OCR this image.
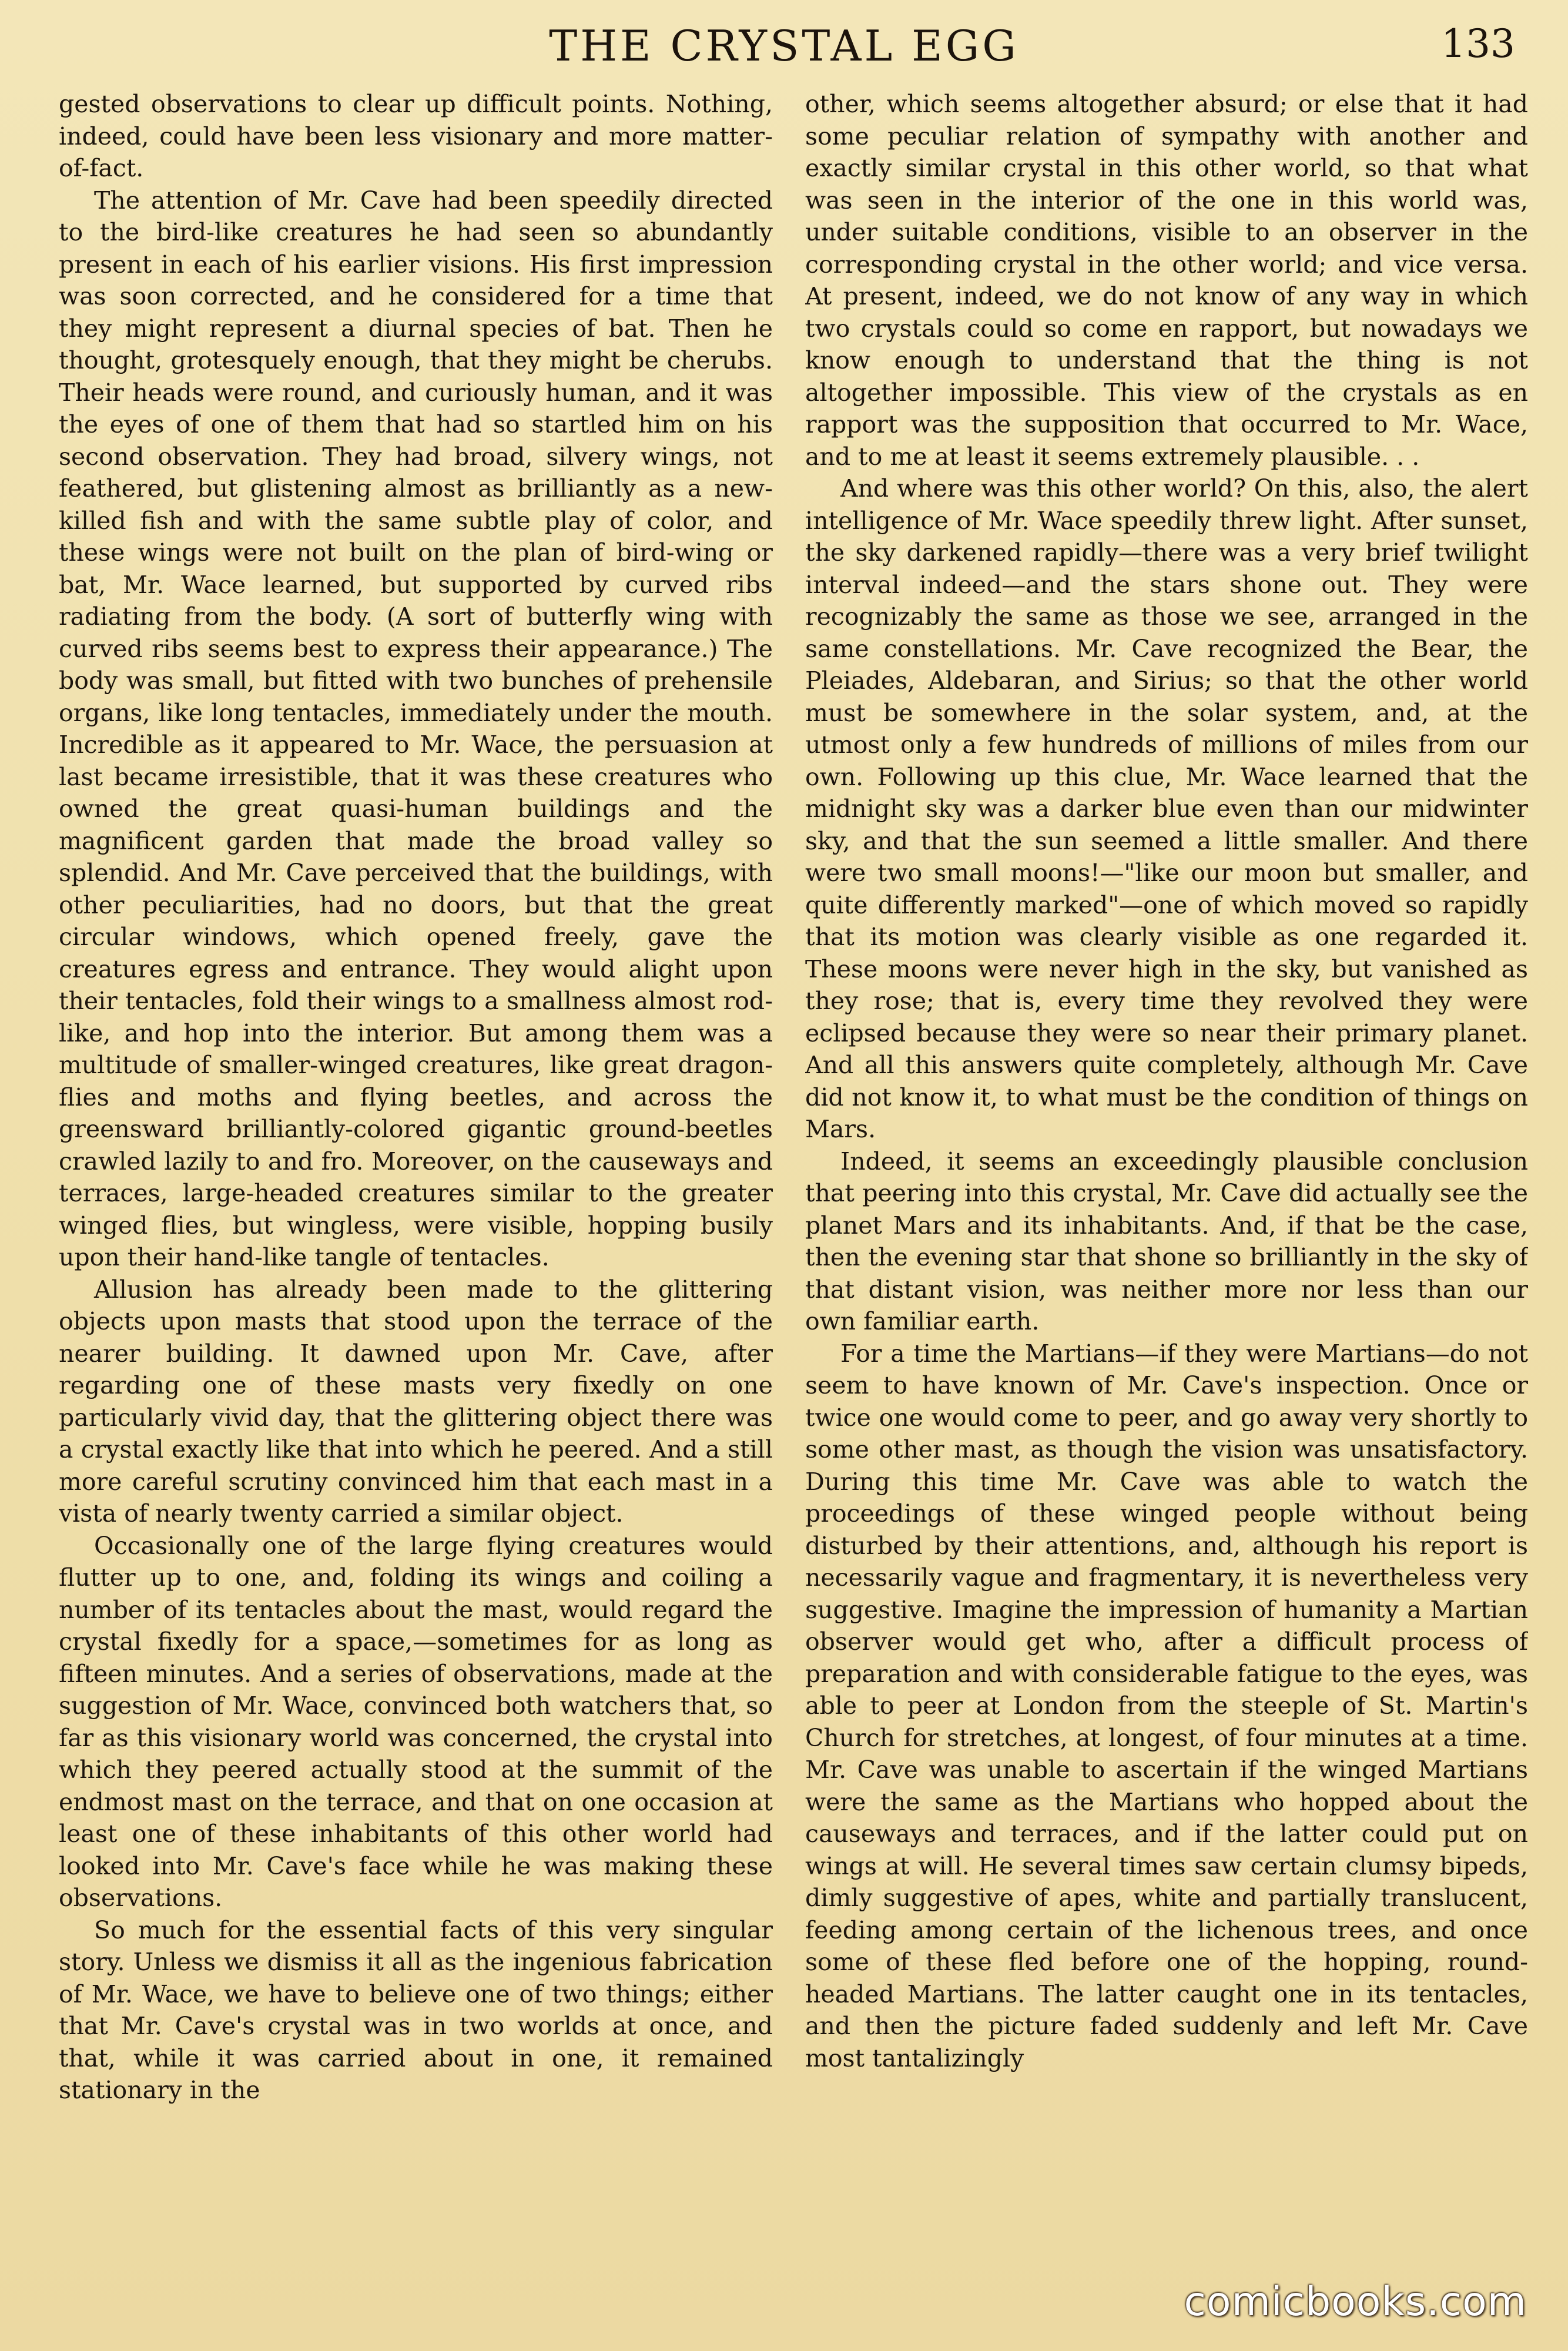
THE CRYSTAL EGG	133

gested observations to clear up difficult points. Nothing, indeed, could have been less visionary and more matter-of-fact.

The attention of Mr. Cave had been speedily directed to the bird-like creatures he had seen so abundantly present in each of his earlier visions. His first impression was soon corrected, and he considered for a time that they might represent a diurnal species of bat. Then he thought, grotesquely enough, that they might be cherubs. Their heads were round, and curiously human, and it was the eyes of one of them that had so startled him on his second observation. They had broad, silvery wings, not feathered, but glistening almost as brilliantly as a new-killed fish and with the same subtle play of color, and these wings were not built on the plan of bird-wing or bat, Mr. Wace learned, but supported by curved ribs radiating from the body. (A sort of butterfly wing with curved ribs seems best to express their appearance.) The body was small, but fitted with two bunches of prehensile organs, like long tentacles, immediately under the mouth. Incredible as it appeared to Mr. Wace, the persuasion at last became irresistible, that it was these creatures who owned the great quasi-human buildings and the magnificent garden that made the broad valley so splendid. And Mr. Cave perceived that the buildings, with other peculiarities, had no doors, but that the great circular windows, which opened freely, gave the creatures egress and entrance. They would alight upon their tentacles, fold their wings to a smallness almost rod-like, and hop into the interior. But among them was a multitude of smaller-winged creatures, like great dragon-flies and moths and flying beetles, and across the greensward brilliantly-colored gigantic ground-beetles crawled lazily to and fro. Moreover, on the causeways and terraces, large-headed creatures similar to the greater winged flies, but wingless, were visible, hopping busily upon their hand-like tangle of tentacles.

Allusion has already been made to the glittering objects upon masts that stood upon the terrace of the nearer building. It dawned upon Mr. Cave, after regarding one of these masts very fixedly on one particularly vivid day, that the glittering object there was a crystal exactly like that into which he peered. And a still more careful scrutiny convinced him that each mast in a vista of nearly twenty carried a similar object.

Occasionally one of the large flying creatures would flutter up to one, and, folding its wings and coiling a number of its tentacles about the mast, would regard the crystal fixedly for a space,—sometimes for as long as fifteen minutes. And a series of observations, made at the suggestion of Mr. Wace, convinced both watchers that, so far as this visionary world was concerned, the crystal into which they peered actually stood at the summit of the endmost mast on the terrace, and that on one occasion at least one of these inhabitants of this other world had looked into Mr. Cave's face while he was making these observations.

So much for the essential facts of this very singular story. Unless we dismiss it all as the ingenious fabrication of Mr. Wace, we have to believe one of two things; either that Mr. Cave's crystal was in two worlds at once, and that, while it was carried about in one, it remained stationary in the

other, which seems altogether absurd; or else that it had some peculiar relation of sympathy with another and exactly similar crystal in this other world, so that what was seen in the interior of the one in this world was, under suitable conditions, visible to an observer in the corresponding crystal in the other world; and vice versa. At present, indeed, we do not know of any way in which two crystals could so come en rapport, but nowadays we know enough to understand that the thing is not altogether impossible. This view of the crystals as en rapport was the supposition that occurred to Mr. Wace, and to me at least it seems extremely plausible. . .

And where was this other world? On this, also, the alert intelligence of Mr. Wace speedily threw light. After sunset, the sky darkened rapidly—there was a very brief twilight interval indeed—and the stars shone out. They were recognizably the same as those we see, arranged in the same constellations. Mr. Cave recognized the Bear, the Pleiades, Aldebaran, and Sirius; so that the other world must be somewhere in the solar system, and, at the utmost only a few hundreds of millions of miles from our own. Following up this clue, Mr. Wace learned that the midnight sky was a darker blue even than our midwinter sky, and that the sun seemed a little smaller. And there were two small moons!—"like our moon but smaller, and quite differently marked"—one of which moved so rapidly that its motion was clearly visible as one regarded it. These moons were never high in the sky, but vanished as they rose; that is, every time they revolved they were eclipsed because they were so near their primary planet. And all this answers quite completely, although Mr. Cave did not know it, to what must be the condition of things on Mars.

Indeed, it seems an exceedingly plausible conclusion that peering into this crystal, Mr. Cave did actually see the planet Mars and its inhabitants. And, if that be the case, then the evening star that shone so brilliantly in the sky of that distant vision, was neither more nor less than our own familiar earth.

For a time the Martians—if they were Martians—do not seem to have known of Mr. Cave's inspection. Once or twice one would come to peer, and go away very shortly to some other mast, as though the vision was unsatisfactory. During this time Mr. Cave was able to watch the proceedings of these winged people without being disturbed by their attentions, and, although his report is necessarily vague and fragmentary, it is nevertheless very suggestive. Imagine the impression of humanity a Martian observer would get who, after a difficult process of preparation and with considerable fatigue to the eyes, was able to peer at London from the steeple of St. Martin's Church for stretches, at longest, of four minutes at a time. Mr. Cave was unable to ascertain if the winged Martians were the same as the Martians who hopped about the causeways and terraces, and if the latter could put on wings at will. He several times saw certain clumsy bipeds, dimly suggestive of apes, white and partially translucent, feeding among certain of the lichenous trees, and once some of these fled before one of the hopping, round-headed Martians. The latter caught one in its tentacles, and then the picture faded suddenly and left Mr. Cave most tantalizingly

comicbooks.com
